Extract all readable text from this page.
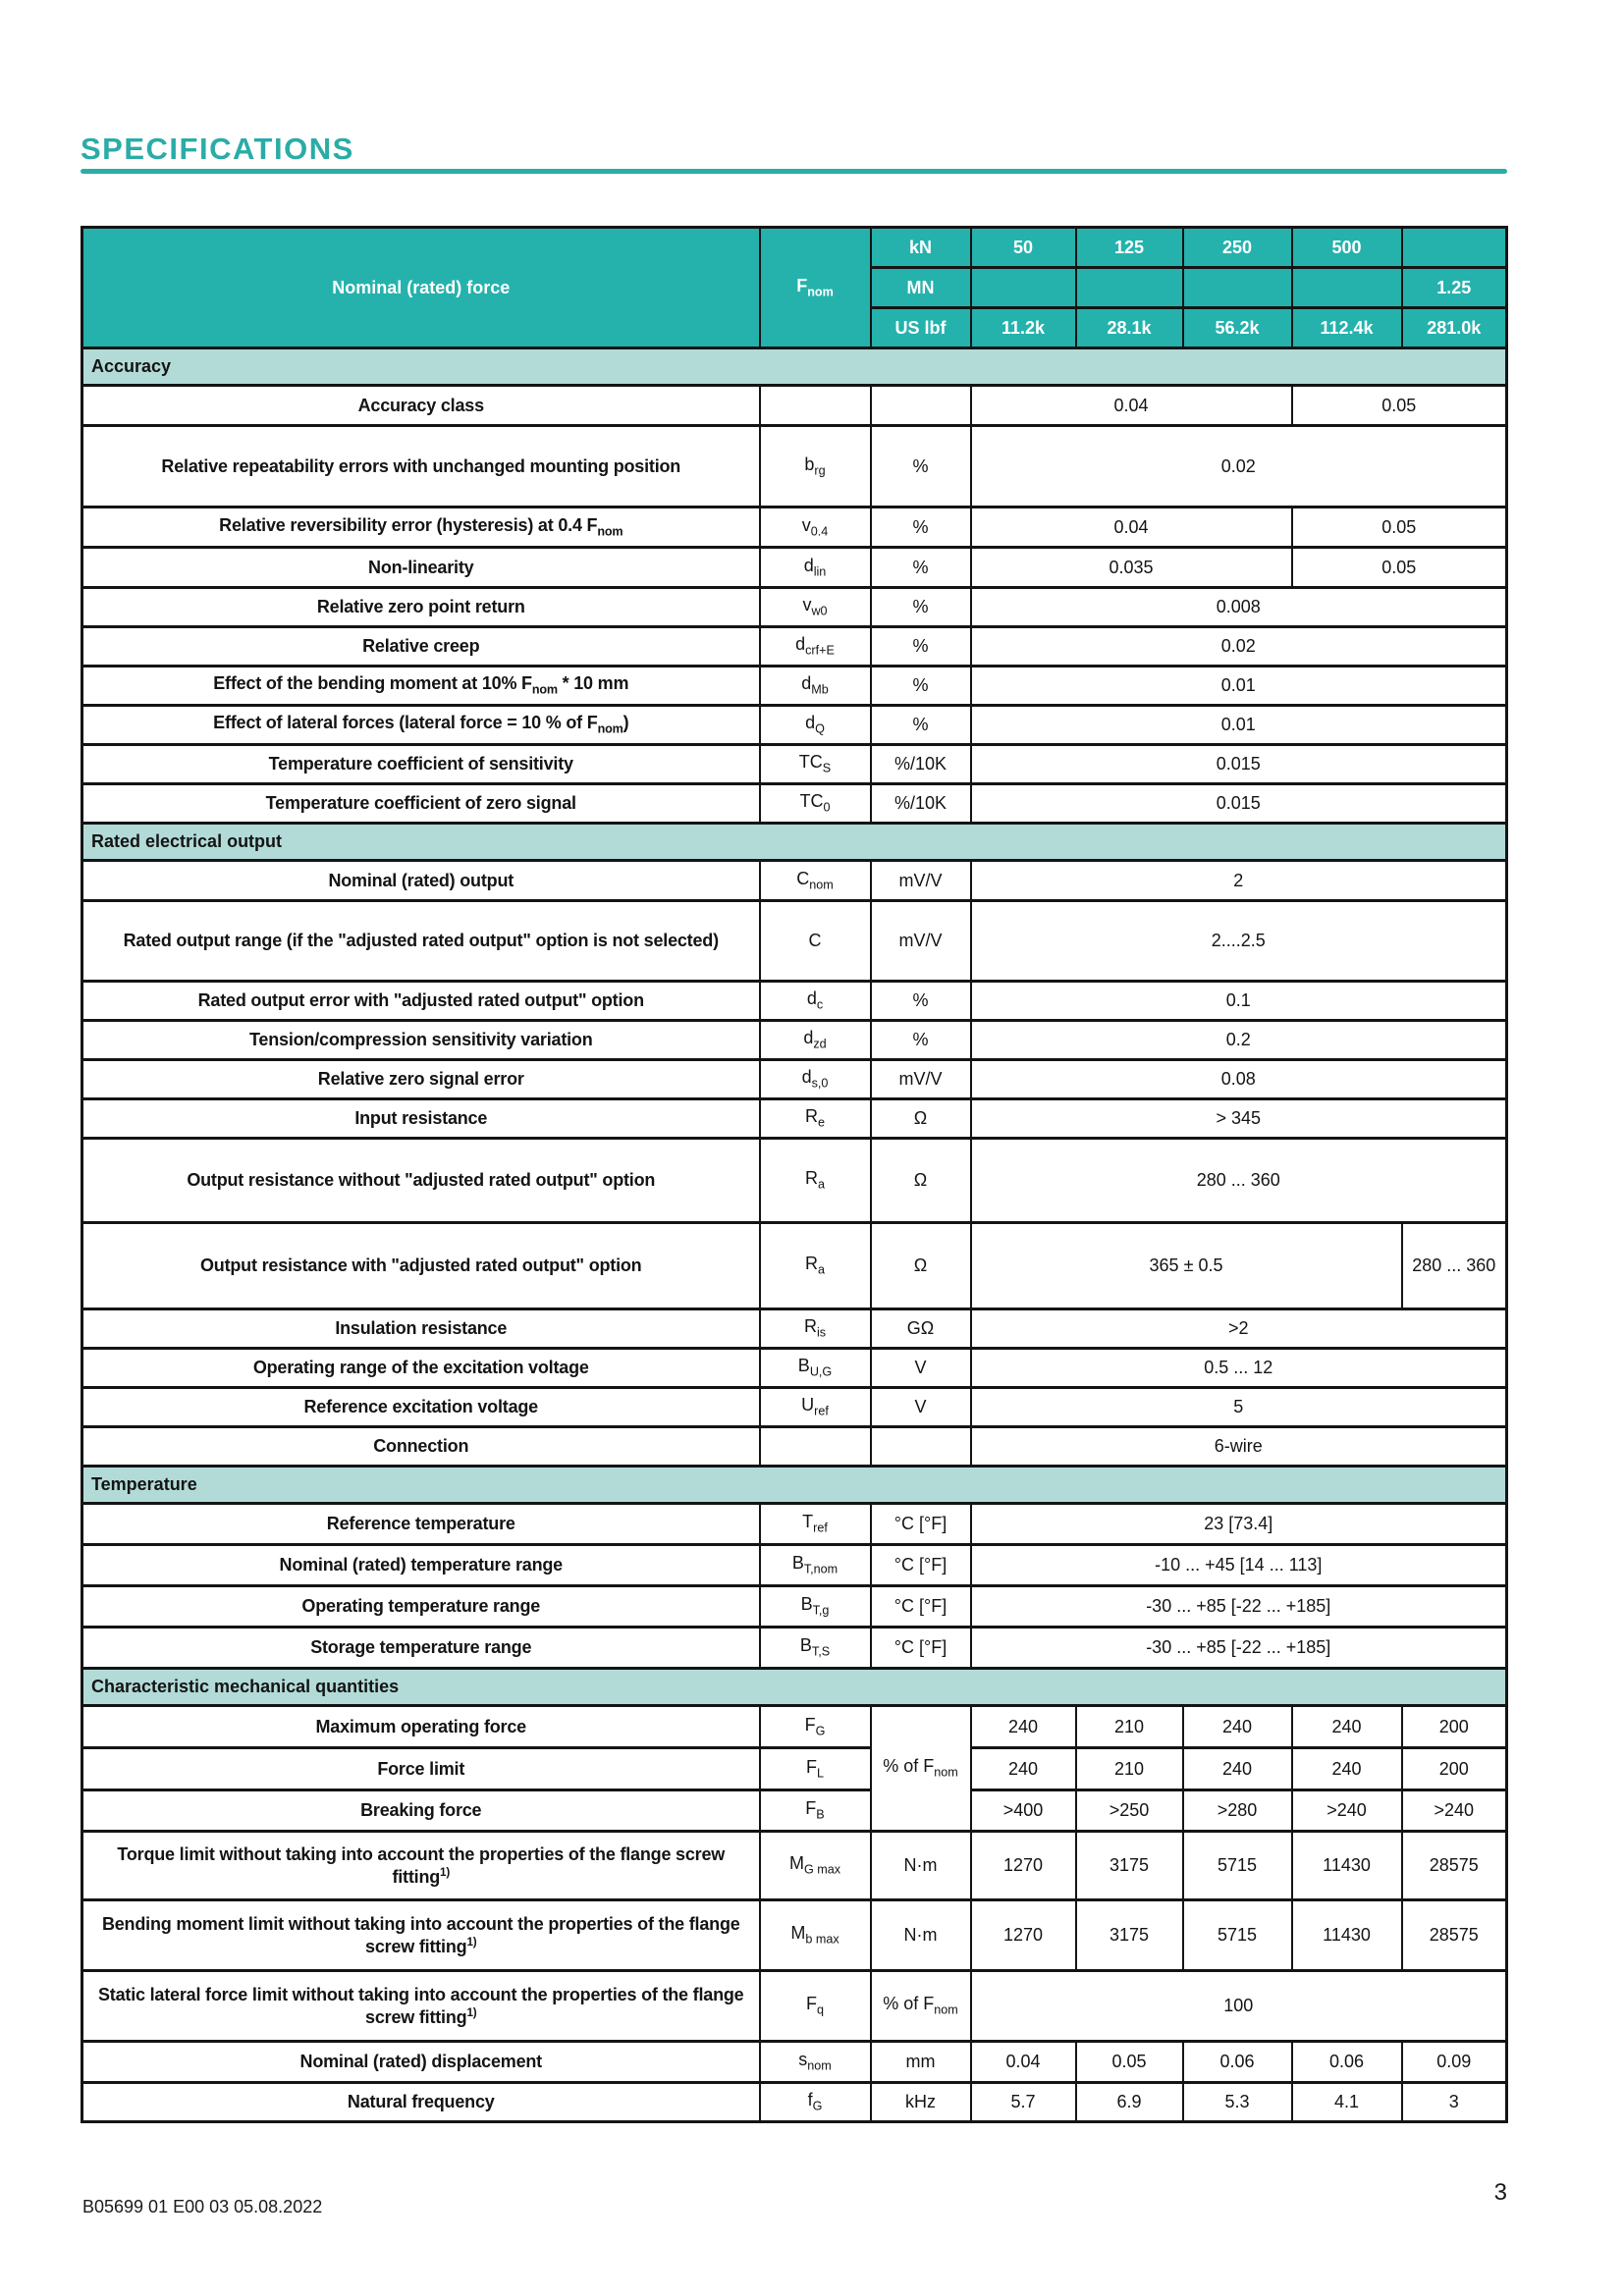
SPECIFICATIONS
Nominal (rated) force	$F_{nom}$	kN	50	125	250	500	
		MN					1.25
		US lbf	11.2k	28.1k	56.2k	112.4k	281.0k
Accuracy							
Accuracy class			0.04			0.05	
Relative repeatability errors with unchanged mounting position	$b_{rg}$	%	0.02				
Relative reversibility error (hysteresis) at 0.4 $F_{nom}$	$v_{0.4}$	%	0.04			0.05	
Non-linearity	$d_{lin}$	%	0.035			0.05	
Relative zero point return	$v_{w0}$	%	0.008				
Relative creep	$d_{crf+E}$	%	0.02				
Effect of the bending moment at 10% $F_{nom} * 10$ mm	$d_{Mb}$	%	0.01				
Effect of lateral forces (lateral force = 10 % of $F_{nom}$)	$d_Q$	%	0.01				
Temperature coefficient of sensitivity	$TC_S$	%/10K	0.015				
Temperature coefficient of zero signal	$TC_0$	%/10K	0.015				
Rated electrical output							
Nominal (rated) output	$C_{nom}$	mV/V	2				
Rated output range (if the "adjusted rated output" option is not selected)	C	mV/V	2....2.5				
Rated output error with "adjusted rated output" option	$d_c$	%	0.1				
Tension/compression sensitivity variation	$d_{zd}$	%	0.2				
Relative zero signal error	$d_{s,0}$	mV/V	0.08				
Input resistance	$R_e$	Ω	> 345				
Output resistance without "adjusted rated output" option	$R_a$	Ω	280 ... 360				
Output resistance with "adjusted rated output" option	$R_a$	Ω	365 ± 0.5				280 ... 360
Insulation resistance	$R_{is}$	GΩ	>2				
Operating range of the excitation voltage	$B_{U,G}$	V	0.5 ... 12				
Reference excitation voltage	$U_{ref}$	V	5				
Connection			6-wire				
Temperature							
Reference temperature	$T_{ref}$	°C [°F]	23 [73.4]				
Nominal (rated) temperature range	$B_{T,nom}$	°C [°F]	-10 ... +45 [14 ... 113]				
Operating temperature range	$B_{T,g}$	°C [°F]	-30 ... +85 [-22 ... +185]				
Storage temperature range	$B_{T,S}$	°C [°F]	-30 ... +85 [-22 ... +185]				
Characteristic mechanical quantities							
Maximum operating force	$F_G$	% of $F_{nom}$	240	210	240	240	200
Force limit	$F_L$		240	210	240	240	200
Breaking force	$F_B$		>400	>250	>280	>240	>240
Torque limit without taking into account the properties of the flange screw fitting$^{1)}$	$M_{G max}$	N·m	1270	3175	5715	11430	28575
Bending moment limit without taking into account the properties of the flange screw fitting$^{1)}$	$M_{b max}$	N·m	1270	3175	5715	11430	28575
Static lateral force limit without taking into account the properties of the flange screw fitting$^{1)}$	$F_q$	% of $F_{nom}$	100				
Nominal (rated) displacement	$s_{nom}$	mm	0.04	0.05	0.06	0.06	0.09
Natural frequency	$f_G$	kHz	5.7	6.9	5.3	4.1	3
B05699 01 E00 03 05.08.2022
3
